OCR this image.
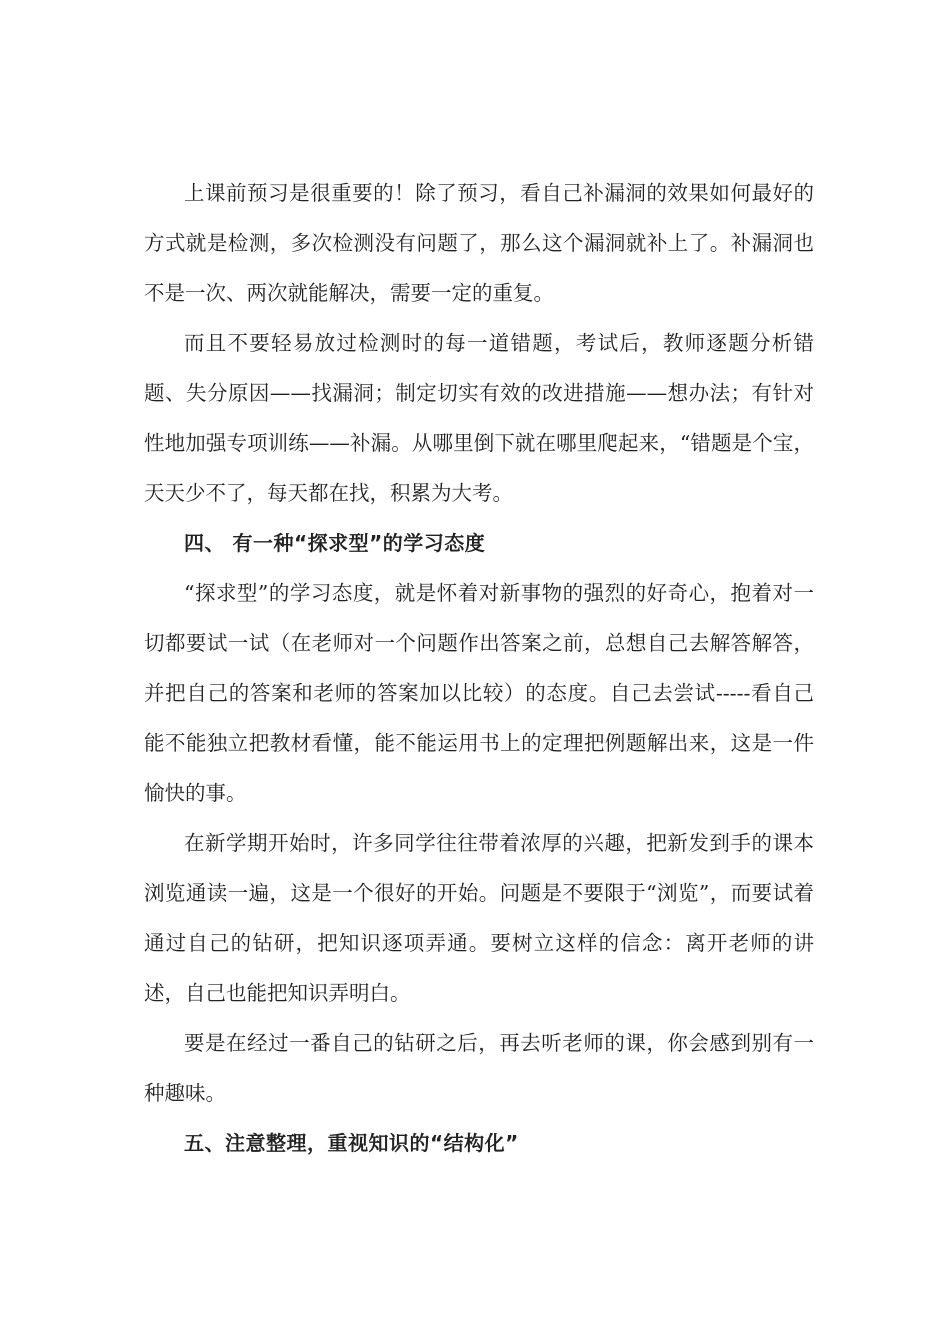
上课前预习是很重要的！除了预习，看自己补漏洞的效果如何最好的方式就是检测，多次检测没有问题了，那么这个漏洞就补上了。补漏洞也不是一次、两次就能解决，需要一定的重复。

而且不要轻易放过检测时的每一道错题，考试后，教师逐题分析错题、失分原因——找漏洞；制定切实有效的改进措施——想办法；有针对性地加强专项训练——补漏。从哪里倒下就在哪里爬起来，“错题是个宝，天天少不了，每天都在找，积累为大考。

四、 有一种“探求型”的学习态度

“探求型”的学习态度，就是怀着对新事物的强烈的好奇心，抱着对一切都要试一试（在老师对一个问题作出答案之前，总想自己去解答解答，并把自己的答案和老师的答案加以比较）的态度。自己去尝试-----看自己能不能独立把教材看懂，能不能运用书上的定理把例题解出来，这是一件愉快的事。

在新学期开始时，许多同学往往带着浓厚的兴趣，把新发到手的课本浏览通读一遍，这是一个很好的开始。问题是不要限于“浏览”，而要试着通过自己的钻研，把知识逐项弄通。要树立这样的信念：离开老师的讲述，自己也能把知识弄明白。

要是在经过一番自己的钻研之后，再去听老师的课，你会感到别有一种趣味。

五、注意整理，重视知识的“结构化”
